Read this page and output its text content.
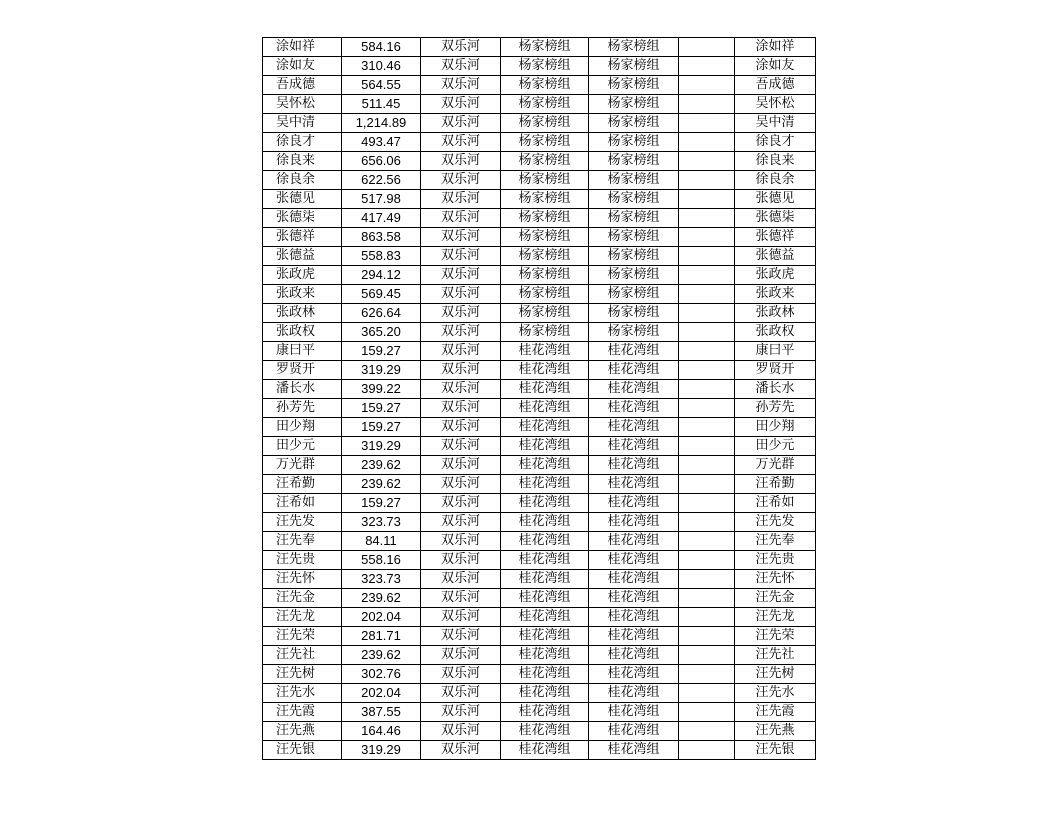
涂如祥	584.16	双乐河	杨家榜组	杨家榜组		涂如祥
涂如友	310.46	双乐河	杨家榜组	杨家榜组		涂如友
吾成德	564.55	双乐河	杨家榜组	杨家榜组		吾成德
吴怀松	511.45	双乐河	杨家榜组	杨家榜组		吴怀松
吴中清	1,214.89	双乐河	杨家榜组	杨家榜组		吴中清
徐良才	493.47	双乐河	杨家榜组	杨家榜组		徐良才
徐良来	656.06	双乐河	杨家榜组	杨家榜组		徐良来
徐良余	622.56	双乐河	杨家榜组	杨家榜组		徐良余
张德见	517.98	双乐河	杨家榜组	杨家榜组		张德见
张德柒	417.49	双乐河	杨家榜组	杨家榜组		张德柒
张德祥	863.58	双乐河	杨家榜组	杨家榜组		张德祥
张德益	558.83	双乐河	杨家榜组	杨家榜组		张德益
张政虎	294.12	双乐河	杨家榜组	杨家榜组		张政虎
张政来	569.45	双乐河	杨家榜组	杨家榜组		张政来
张政林	626.64	双乐河	杨家榜组	杨家榜组		张政林
张政权	365.20	双乐河	杨家榜组	杨家榜组		张政权
康曰平	159.27	双乐河	桂花湾组	桂花湾组		康曰平
罗贤开	319.29	双乐河	桂花湾组	桂花湾组		罗贤开
潘长水	399.22	双乐河	桂花湾组	桂花湾组		潘长水
孙芳先	159.27	双乐河	桂花湾组	桂花湾组		孙芳先
田少翔	159.27	双乐河	桂花湾组	桂花湾组		田少翔
田少元	319.29	双乐河	桂花湾组	桂花湾组		田少元
万光群	239.62	双乐河	桂花湾组	桂花湾组		万光群
汪希勤	239.62	双乐河	桂花湾组	桂花湾组		汪希勤
汪希如	159.27	双乐河	桂花湾组	桂花湾组		汪希如
汪先发	323.73	双乐河	桂花湾组	桂花湾组		汪先发
汪先奉	84.11	双乐河	桂花湾组	桂花湾组		汪先奉
汪先贵	558.16	双乐河	桂花湾组	桂花湾组		汪先贵
汪先怀	323.73	双乐河	桂花湾组	桂花湾组		汪先怀
汪先金	239.62	双乐河	桂花湾组	桂花湾组		汪先金
汪先龙	202.04	双乐河	桂花湾组	桂花湾组		汪先龙
汪先荣	281.71	双乐河	桂花湾组	桂花湾组		汪先荣
汪先社	239.62	双乐河	桂花湾组	桂花湾组		汪先社
汪先树	302.76	双乐河	桂花湾组	桂花湾组		汪先树
汪先水	202.04	双乐河	桂花湾组	桂花湾组		汪先水
汪先霞	387.55	双乐河	桂花湾组	桂花湾组		汪先霞
汪先燕	164.46	双乐河	桂花湾组	桂花湾组		汪先燕
汪先银	319.29	双乐河	桂花湾组	桂花湾组		汪先银
